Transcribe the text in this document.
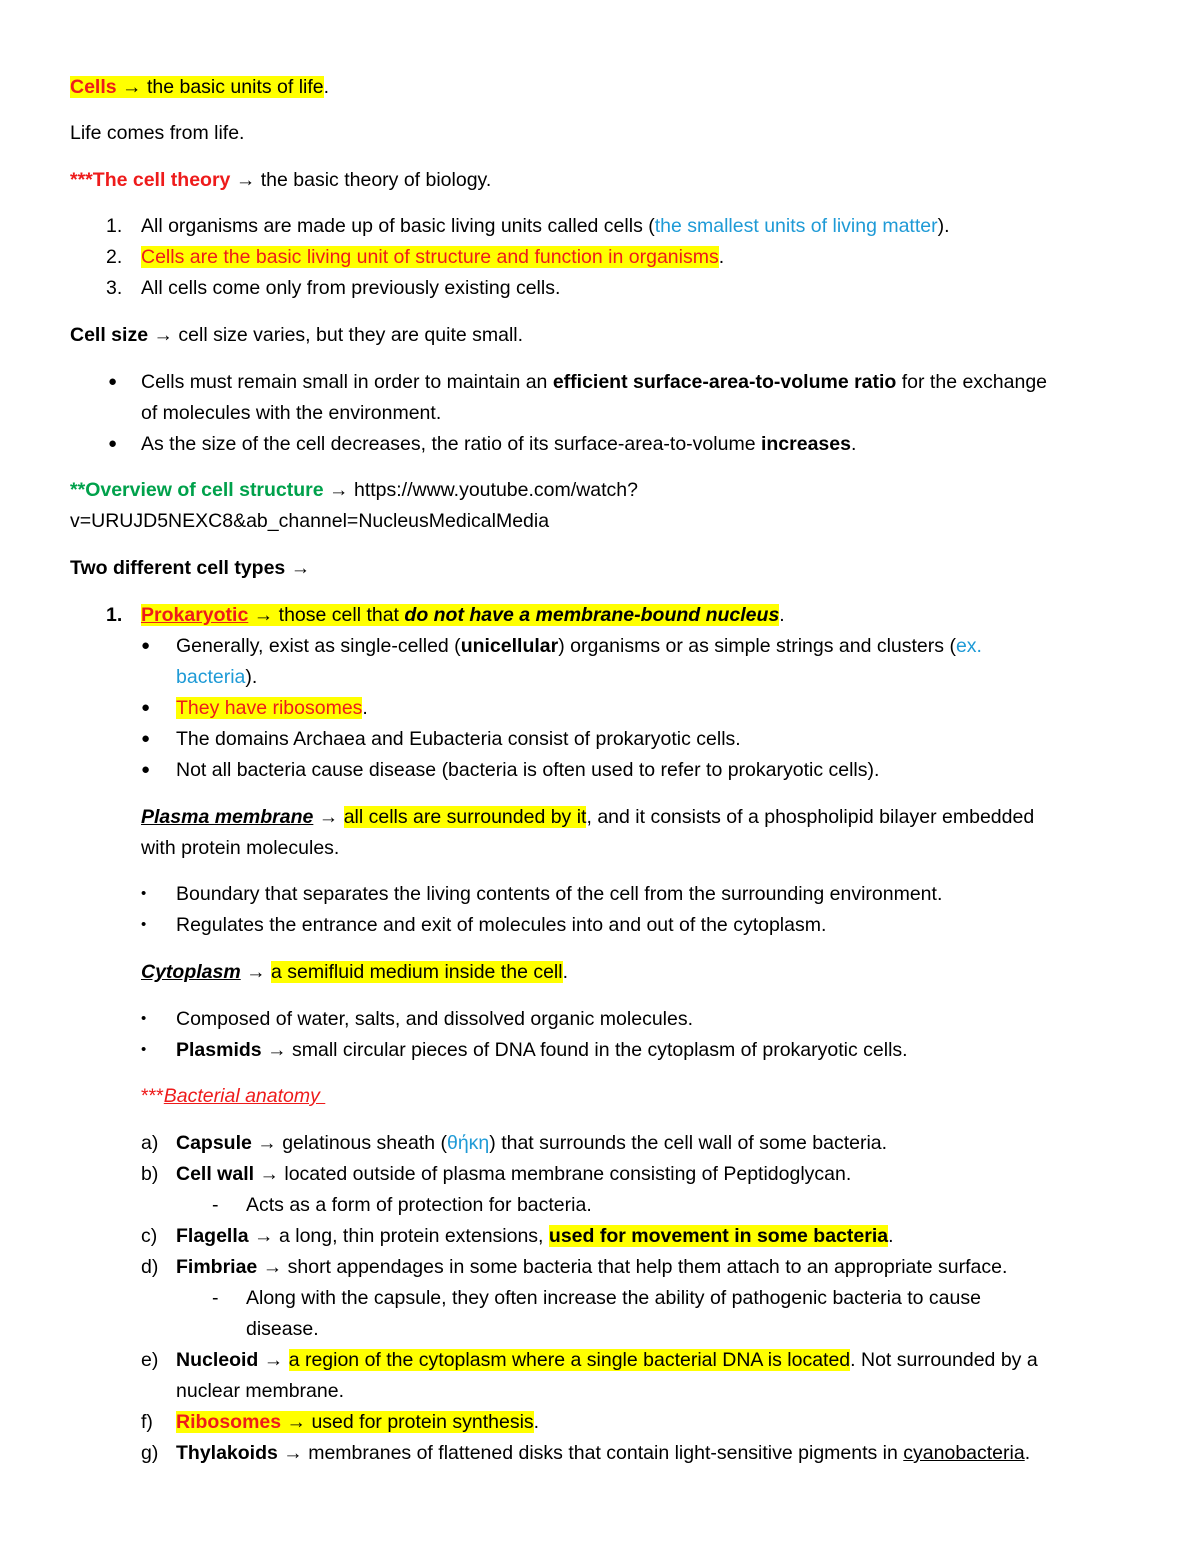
Cells → the basic units of life.
Life comes from life.
***The cell theory → the basic theory of biology.
1. All organisms are made up of basic living units called cells (the smallest units of living matter).
2. Cells are the basic living unit of structure and function in organisms.
3. All cells come only from previously existing cells.
Cell size → cell size varies, but they are quite small.
● Cells must remain small in order to maintain an efficient surface-area-to-volume ratio for the exchange
of molecules with the environment.
● As the size of the cell decreases, the ratio of its surface-area-to-volume increases.
**Overview of cell structure → https://www.youtube.com/watch?
v=URUJD5NEXC8&ab_channel=NucleusMedicalMedia
Two different cell types →
1. Prokaryotic → those cell that do not have a membrane-bound nucleus.
● Generally, exist as single-celled (unicellular) organisms or as simple strings and clusters (ex.
bacteria).
● They have ribosomes.
● The domains Archaea and Eubacteria consist of prokaryotic cells.
● Not all bacteria cause disease (bacteria is often used to refer to prokaryotic cells).
Plasma membrane → all cells are surrounded by it, and it consists of a phospholipid bilayer embedded
with protein molecules.
• Boundary that separates the living contents of the cell from the surrounding environment.
• Regulates the entrance and exit of molecules into and out of the cytoplasm.
Cytoplasm → a semifluid medium inside the cell.
• Composed of water, salts, and dissolved organic molecules.
• Plasmids → small circular pieces of DNA found in the cytoplasm of prokaryotic cells.
***Bacterial anatomy
a) Capsule → gelatinous sheath (θήκη) that surrounds the cell wall of some bacteria.
b) Cell wall → located outside of plasma membrane consisting of Peptidoglycan.
- Acts as a form of protection for bacteria.
c) Flagella → a long, thin protein extensions, used for movement in some bacteria.
d) Fimbriae → short appendages in some bacteria that help them attach to an appropriate surface.
- Along with the capsule, they often increase the ability of pathogenic bacteria to cause
disease.
e) Nucleoid → a region of the cytoplasm where a single bacterial DNA is located. Not surrounded by a
nuclear membrane.
f) Ribosomes → used for protein synthesis.
g) Thylakoids → membranes of flattened disks that contain light-sensitive pigments in cyanobacteria.
